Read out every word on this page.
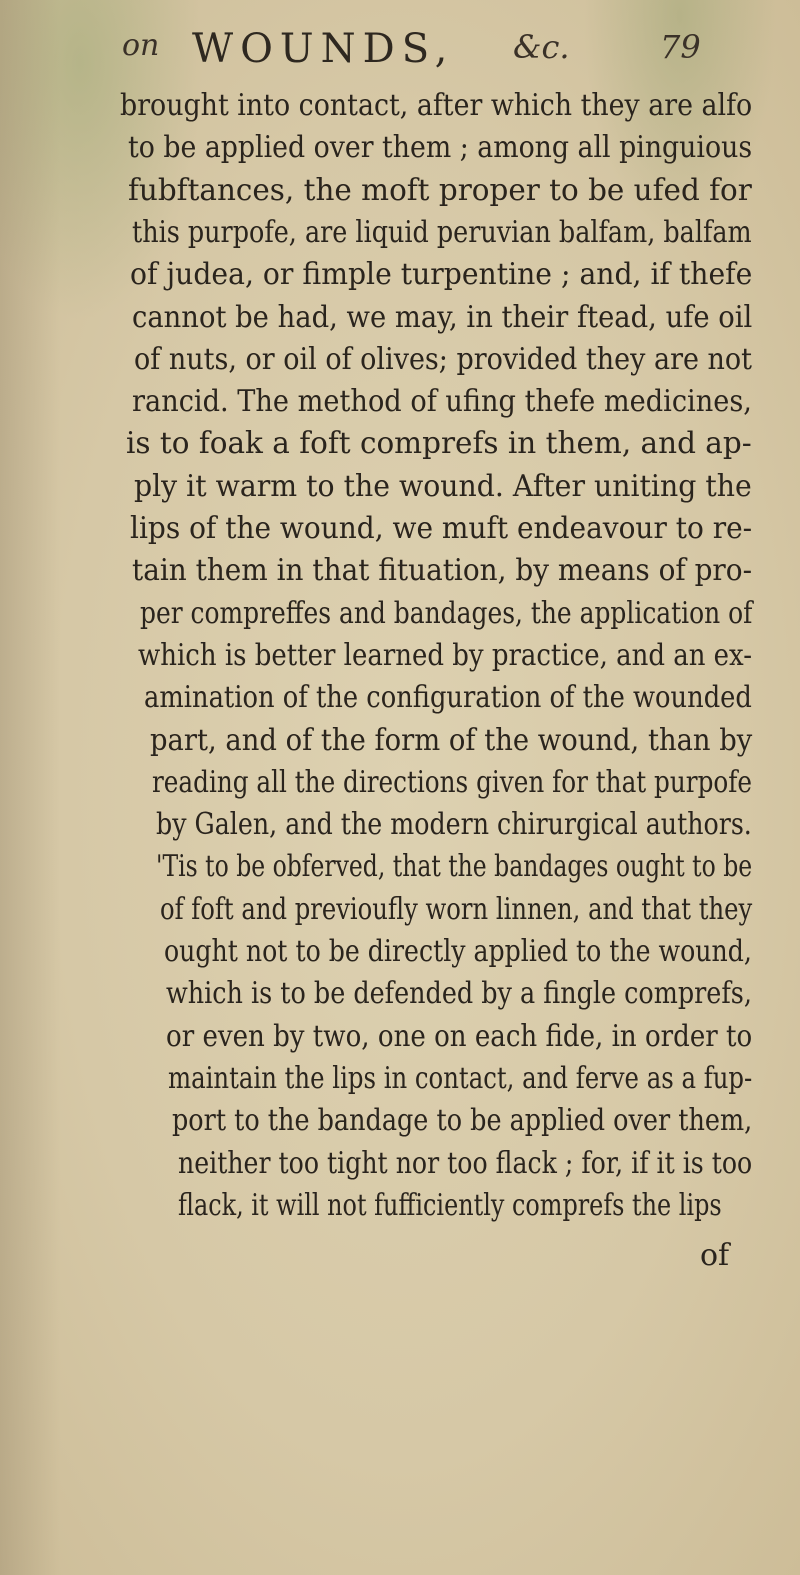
on WOUNDS, &c.	79
brought into contact, after which they are alfo
to be applied over them ; among all pinguious
fubftances, the moft proper to be ufed for
this purpofe, are liquid peruvian balfam, balfam
of judea, or fimple turpentine ; and, if thefe
cannot be had, we may, in their ftead, ufe oil
of nuts, or oil of olives; provided they are not
rancid. The method of ufing thefe medicines,
is to foak a foft comprefs in them, and ap-
ply it warm to the wound. After uniting the
lips of the wound, we muft endeavour to re-
tain them in that fituation, by means of pro-
per compreffes and bandages, the application of
which is better learned by practice, and an ex-
amination of the configuration of the wounded
part, and of the form of the wound, than by
reading all the directions given for that purpofe
by Galen, and the modern chirurgical authors.
'Tis to be obferved, that the bandages ought to be
of foft and previoufly worn linnen, and that they
ought not to be directly applied to the wound,
which is to be defended by a fingle comprefs,
or even by two, one on each fide, in order to
maintain the lips in contact, and ferve as a fup-
port to the bandage to be applied over them,
neither too tight nor too flack ; for, if it is too
flack, it will not fufficiently comprefs the lips
of
